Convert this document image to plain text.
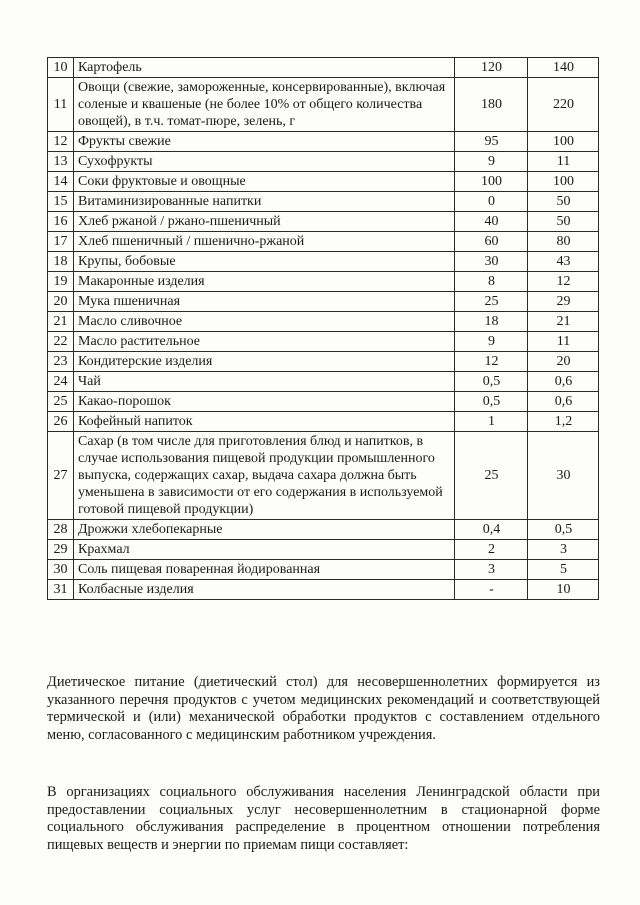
10	Картофель	120	140
11	Овощи (свежие, замороженные, консервированные), включая соленые и квашеные (не более 10% от общего количества овощей), в т.ч. томат-пюре, зелень, г	180	220
12	Фрукты свежие	95	100
13	Сухофрукты	9	11
14	Соки фруктовые и овощные	100	100
15	Витаминизированные напитки	0	50
16	Хлеб ржаной / ржано-пшеничный	40	50
17	Хлеб пшеничный / пшенично-ржаной	60	80
18	Крупы, бобовые	30	43
19	Макаронные изделия	8	12
20	Мука пшеничная	25	29
21	Масло сливочное	18	21
22	Масло растительное	9	11
23	Кондитерские изделия	12	20
24	Чай	0,5	0,6
25	Какао-порошок	0,5	0,6
26	Кофейный напиток	1	1,2
27	Сахар (в том числе для приготовления блюд и напитков, в случае использования пищевой продукции промышленного выпуска, содержащих сахар, выдача сахара должна быть уменьшена в зависимости от его содержания в используемой готовой пищевой продукции)	25	30
28	Дрожжи хлебопекарные	0,4	0,5
29	Крахмал	2	3
30	Соль пищевая поваренная йодированная	3	5
31	Колбасные изделия	-	10

Диетическое питание (диетический стол) для несовершеннолетних формируется из указанного перечня продуктов с учетом медицинских рекомендаций и соответствующей термической и (или) механической обработки продуктов с составлением отдельного меню, согласованного с медицинским работником учреждения.

В организациях социального обслуживания населения Ленинградской области при предоставлении социальных услуг несовершеннолетним в стационарной форме социального обслуживания распределение в процентном отношении потребления пищевых веществ и энергии по приемам пищи составляет:
